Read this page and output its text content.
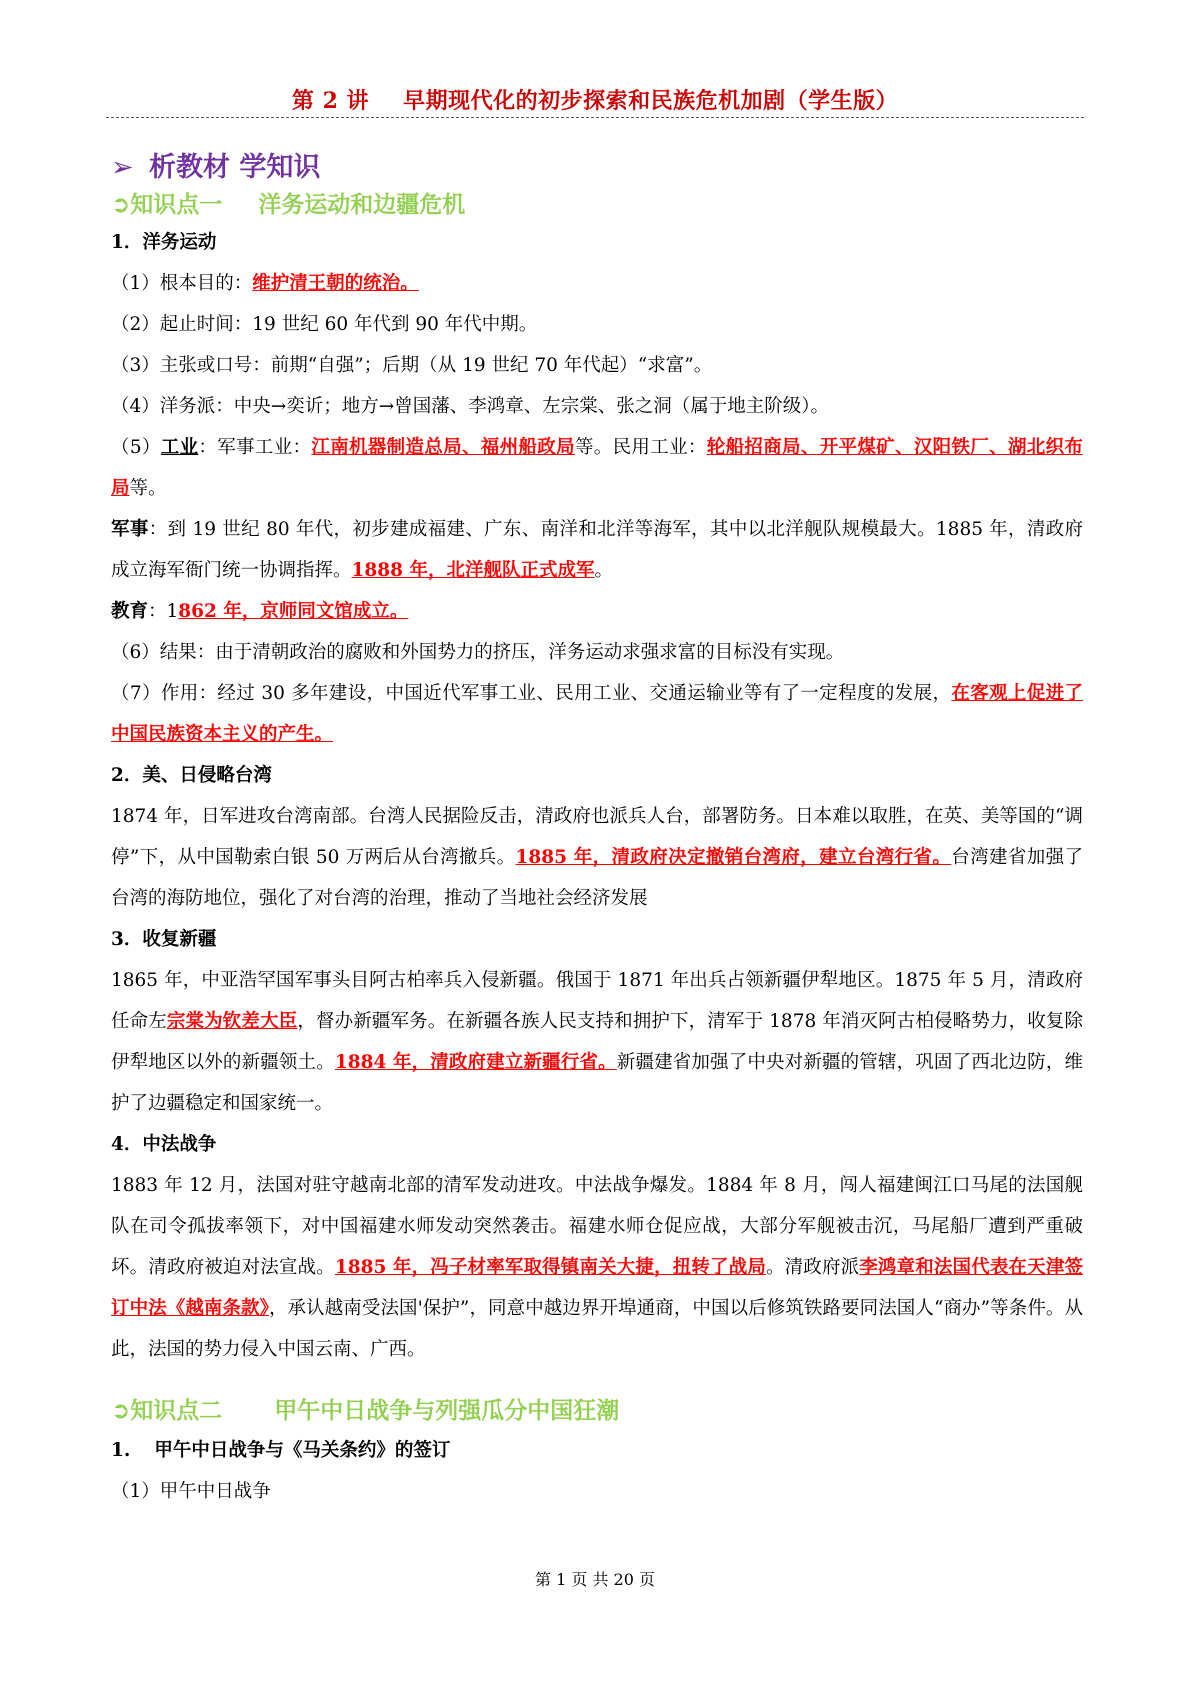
第 2 讲 早期现代化的初步探索和民族危机加剧（学生版）
➢ 析教材 学知识
➲知识点一 洋务运动和边疆危机

1．洋务运动

（1）根本目的：维护清王朝的统治。

（2）起止时间：19 世纪 60 年代到 90 年代中期。

（3）主张或口号：前期“自强”；后期（从 19 世纪 70 年代起）“求富”。

（4）洋务派：中央→奕䜣；地方→曾国藩、李鸿章、左宗棠、张之洞（属于地主阶级）。

（5）工业：军事工业：江南机器制造总局、福州船政局等。民用工业：轮船招商局、开平煤矿、汉阳铁厂、湖北织布局等。

军事：到 19 世纪 80 年代，初步建成福建、广东、南洋和北洋等海军，其中以北洋舰队规模最大。1885 年，清政府成立海军衙门统一协调指挥。1888 年，北洋舰队正式成军。

教育：1862 年，京师同文馆成立。

（6）结果：由于清朝政治的腐败和外国势力的挤压，洋务运动求强求富的目标没有实现。

（7）作用：经过 30 多年建设，中国近代军事工业、民用工业、交通运输业等有了一定程度的发展，在客观上促进了中国民族资本主义的产生。

2．美、日侵略台湾

1874 年，日军进攻台湾南部。台湾人民据险反击，清政府也派兵人台，部署防务。日本难以取胜，在英、美等国的“调停”下，从中国勒索白银 50 万两后从台湾撤兵。1885 年，清政府决定撤销台湾府，建立台湾行省。台湾建省加强了台湾的海防地位，强化了对台湾的治理，推动了当地社会经济发展

3．收复新疆

1865 年，中亚浩罕国军事头目阿古柏率兵入侵新疆。俄国于 1871 年出兵占领新疆伊犁地区。1875 年 5 月，清政府任命左宗棠为钦差大臣，督办新疆军务。在新疆各族人民支持和拥护下，清军于 1878 年消灭阿古柏侵略势力，收复除伊犁地区以外的新疆领土。1884 年，清政府建立新疆行省。新疆建省加强了中央对新疆的管辖，巩固了西北边防，维护了边疆稳定和国家统一。

4．中法战争

1883 年 12 月，法国对驻守越南北部的清军发动进攻。中法战争爆发。1884 年 8 月，闯人福建闽江口马尾的法国舰队在司令孤拔率领下，对中国福建水师发动突然袭击。福建水师仓促应战，大部分军舰被击沉，马尾船厂遭到严重破坏。清政府被迫对法宣战。1885 年，冯子材率军取得镇南关大捷，扭转了战局。清政府派李鸿章和法国代表在天津签订中法《越南条款》，承认越南受法国'保护”，同意中越边界开埠通商，中国以后修筑铁路要同法国人“商办”等条件。从此，法国的势力侵入中国云南、广西。

➲知识点二 甲午中日战争与列强瓜分中国狂潮

1. 甲午中日战争与《马关条约》的签订

（1）甲午中日战争

第 1 页 共 20 页
